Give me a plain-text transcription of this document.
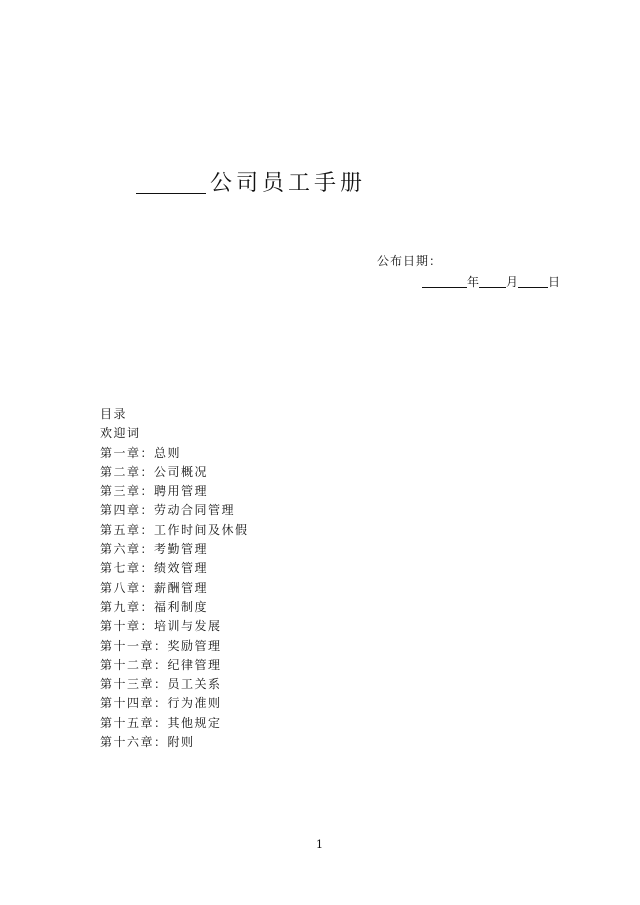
公司员工手册
公布日期：
年 月	日
目录
欢迎词
第一章：总则
第二章：公司概况
第三章：聘用管理
第四章：劳动合同管理
第五章：工作时间及休假
第六章：考勤管理
第七章：绩效管理
第八章：薪酬管理
第九章：福利制度
第十章：培训与发展
第十一章：奖励管理
第十二章：纪律管理
第十三章：员工关系
第十四章：行为准则
第十五章：其他规定
第十六章：附则
1
